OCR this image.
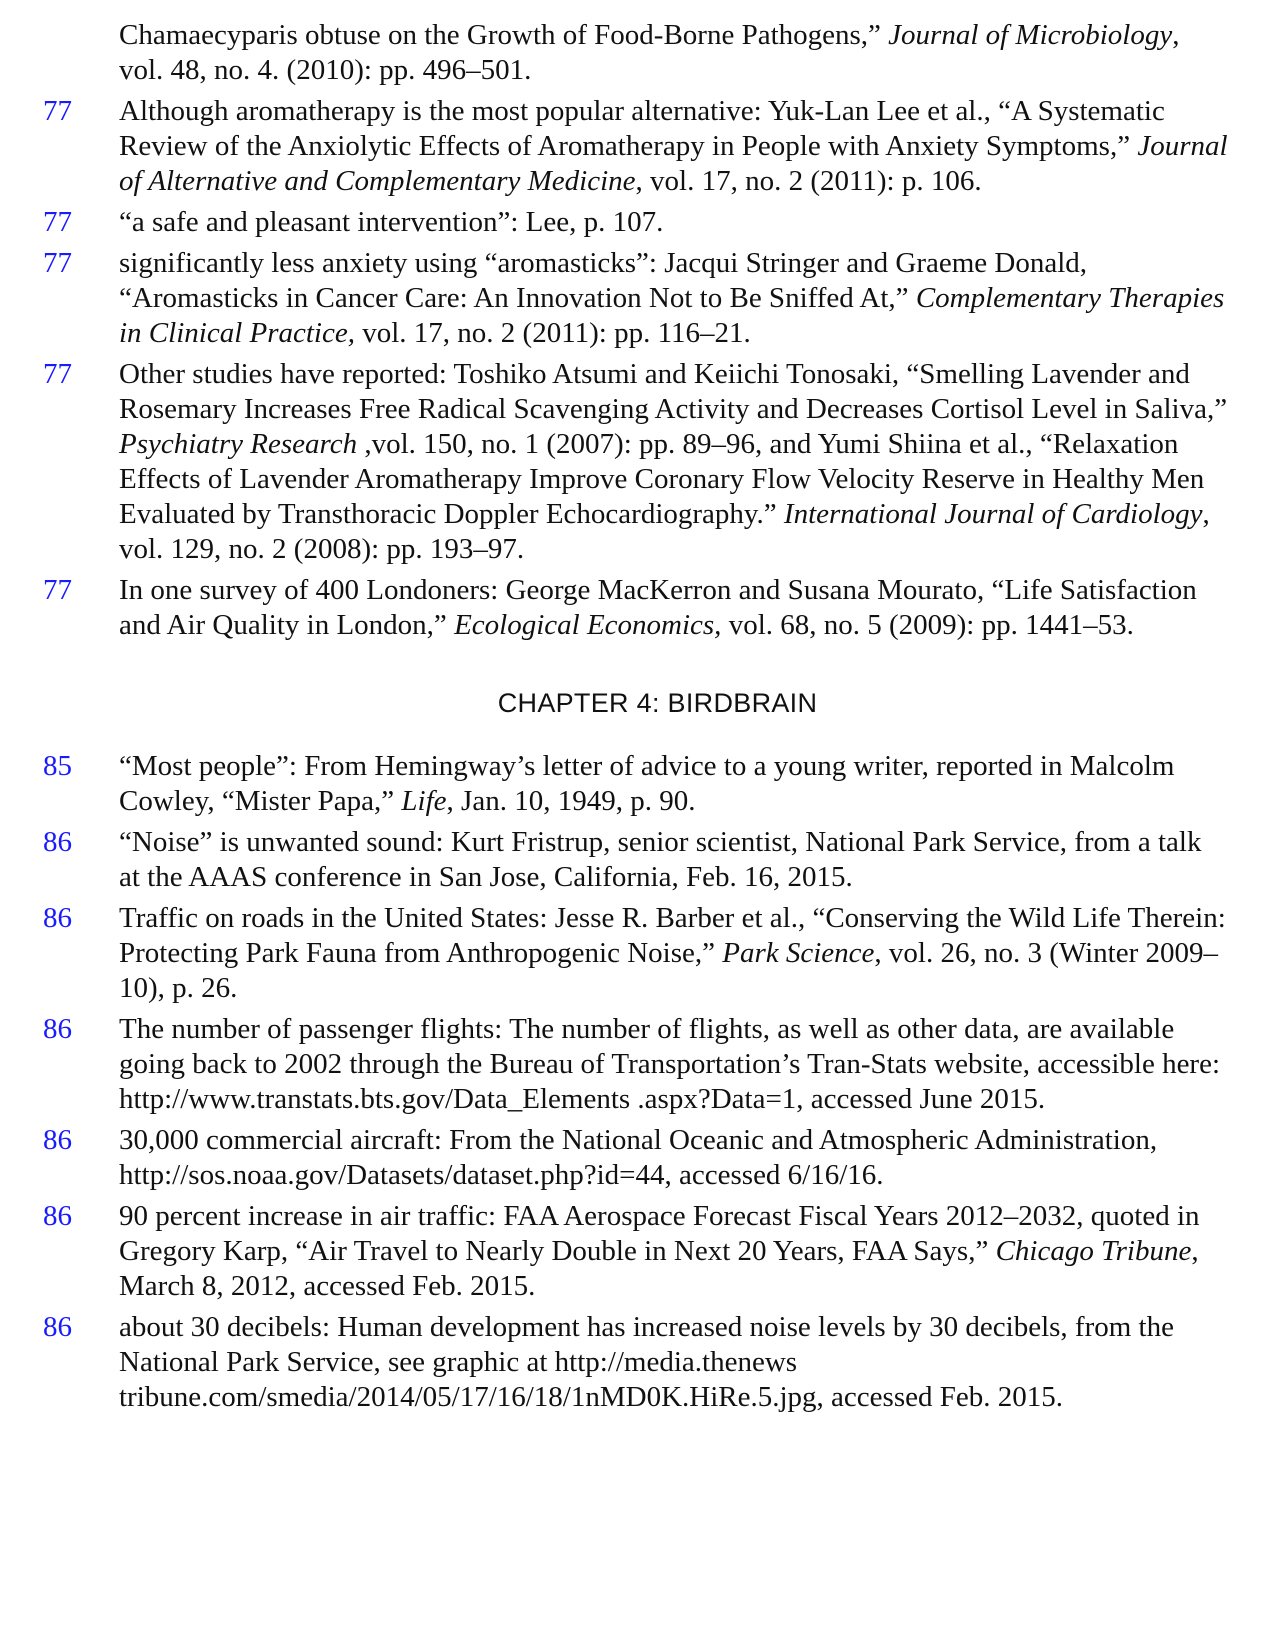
Chamaecyparis obtuse on the Growth of Food-Borne Pathogens,” Journal of Microbiology, vol. 48, no. 4. (2010): pp. 496–501.
77 Although aromatherapy is the most popular alternative: Yuk-Lan Lee et al., “A Systematic Review of the Anxiolytic Effects of Aromatherapy in People with Anxiety Symptoms,” Journal of Alternative and Complementary Medicine, vol. 17, no. 2 (2011): p. 106.
77 “a safe and pleasant intervention”: Lee, p. 107.
77 significantly less anxiety using “aromasticks”: Jacqui Stringer and Graeme Donald, “Aromasticks in Cancer Care: An Innovation Not to Be Sniffed At,” Complementary Therapies in Clinical Practice, vol. 17, no. 2 (2011): pp. 116–21.
77 Other studies have reported: Toshiko Atsumi and Keiichi Tonosaki, “Smelling Lavender and Rosemary Increases Free Radical Scavenging Activity and Decreases Cortisol Level in Saliva,” Psychiatry Research ,vol. 150, no. 1 (2007): pp. 89–96, and Yumi Shiina et al., “Relaxation Effects of Lavender Aromatherapy Improve Coronary Flow Velocity Reserve in Healthy Men Evaluated by Transthoracic Doppler Echocardiography.” International Journal of Cardiology, vol. 129, no. 2 (2008): pp. 193–97.
77 In one survey of 400 Londoners: George MacKerron and Susana Mourato, “Life Satisfaction and Air Quality in London,” Ecological Economics, vol. 68, no. 5 (2009): pp. 1441–53.
CHAPTER 4: BIRDBRAIN
85 “Most people”: From Hemingway’s letter of advice to a young writer, reported in Malcolm Cowley, “Mister Papa,” Life, Jan. 10, 1949, p. 90.
86 “Noise” is unwanted sound: Kurt Fristrup, senior scientist, National Park Service, from a talk at the AAAS conference in San Jose, California, Feb. 16, 2015.
86 Traffic on roads in the United States: Jesse R. Barber et al., “Conserving the Wild Life Therein: Protecting Park Fauna from Anthropogenic Noise,” Park Science, vol. 26, no. 3 (Winter 2009–10), p. 26.
86 The number of passenger flights: The number of flights, as well as other data, are available going back to 2002 through the Bureau of Transportation’s Tran-Stats website, accessible here: http://www.transtats.bts.gov/Data_Elements .aspx?Data=1, accessed June 2015.
86 30,000 commercial aircraft: From the National Oceanic and Atmospheric Administration, http://sos.noaa.gov/Datasets/dataset.php?id=44, accessed 6/16/16.
86 90 percent increase in air traffic: FAA Aerospace Forecast Fiscal Years 2012–2032, quoted in Gregory Karp, “Air Travel to Nearly Double in Next 20 Years, FAA Says,” Chicago Tribune, March 8, 2012, accessed Feb. 2015.
86 about 30 decibels: Human development has increased noise levels by 30 decibels, from the National Park Service, see graphic at http://media.thenews tribune.com/smedia/2014/05/17/16/18/1nMD0K.HiRe.5.jpg, accessed Feb. 2015.
